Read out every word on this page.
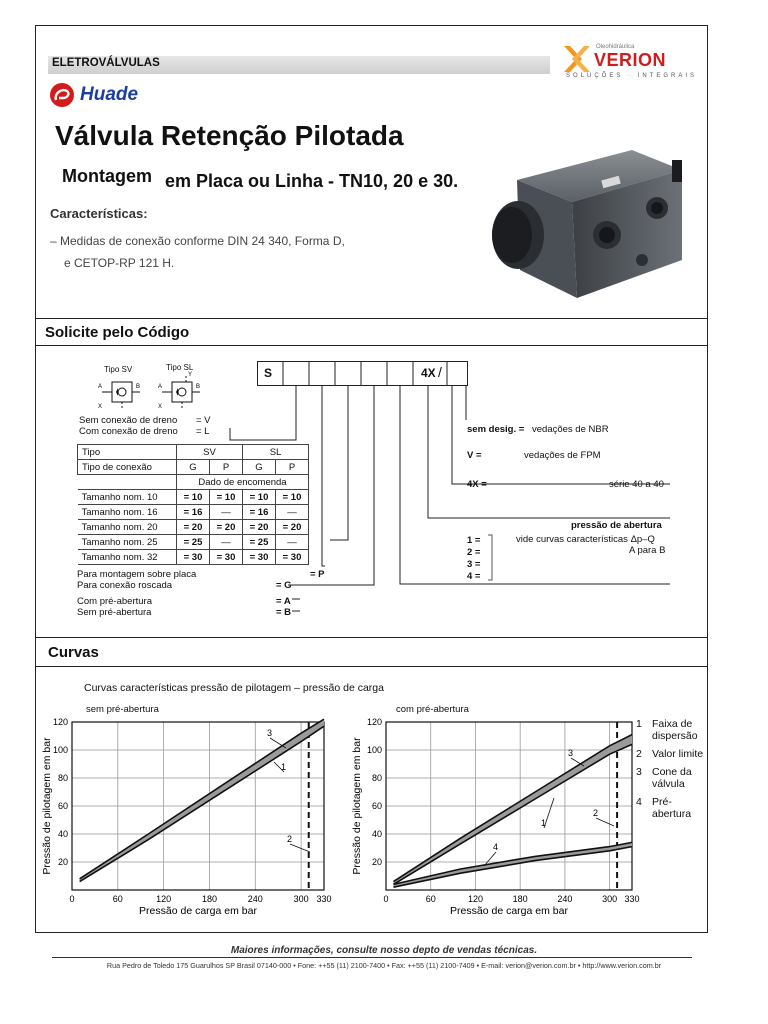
ELETROVÁLVULAS
Huade
Oleohidráulica
VERION
SOLUÇÕES · INTEGRAIS
Válvula Retenção Pilotada
Montagem em Placa ou Linha - TN10, 20 e 30.
Características:
– Medidas de conexão conforme DIN 24 340, Forma D,
e CETOP-RP 121 H.
Solicite pelo Código
S	4X /
Tipo SV	Tipo SL
A	B
X
A	B
X
Y
Sem conexão de dreno = V
Com conexão de dreno = L
Tipo	SV		SL	
Tipo de conexão	G	P	G	P
	Dado de encomenda			
Tamanho nom. 10	= 10	= 10	= 10	= 10
Tamanho nom. 16	= 16	—	= 16	—
Tamanho nom. 20	= 20	= 20	= 20	= 20
Tamanho nom. 25	= 25	—	= 25	—
Tamanho nom. 32	= 30	= 30	= 30	= 30
Para montagem sobre placa	= P
Para conexão roscada	= G
Com pré-abertura	= A
Sem pré-abertura	= B
sem desig. = vedações de NBR
V =	vedações de FPM
4X =	série 40 a 40
pressão de abertura
1 =
2 =
3 =
4 =
vide curvas características Δp–Q
A para B
Curvas
Curvas características pressão de pilotagem – pressão de carga
sem pré-abertura	com pré-abertura
0	60	120	180	240	300 330
20
40
60
80
100
120
Pressão de carga em bar
Pressão de pilotagem em bar
3
1
2
0	60	120	180	240	300 330
20
40
60
80
100
120
Pressão de carga em bar
Pressão de pilotagem em bar	3
1
2
4
1 Faixa de dispersão
2 Valor limite
3 Cone da válvula
4 Pré-abertura
Maiores informações, consulte nosso depto de vendas técnicas.
Rua Pedro de Toledo 175 Guarulhos SP Brasil 07140-000 • Fone: ++55 (11) 2100-7400 • Fax: ++55 (11) 2100-7409 • E-mail: verion@verion.com.br • http://www.verion.com.br
